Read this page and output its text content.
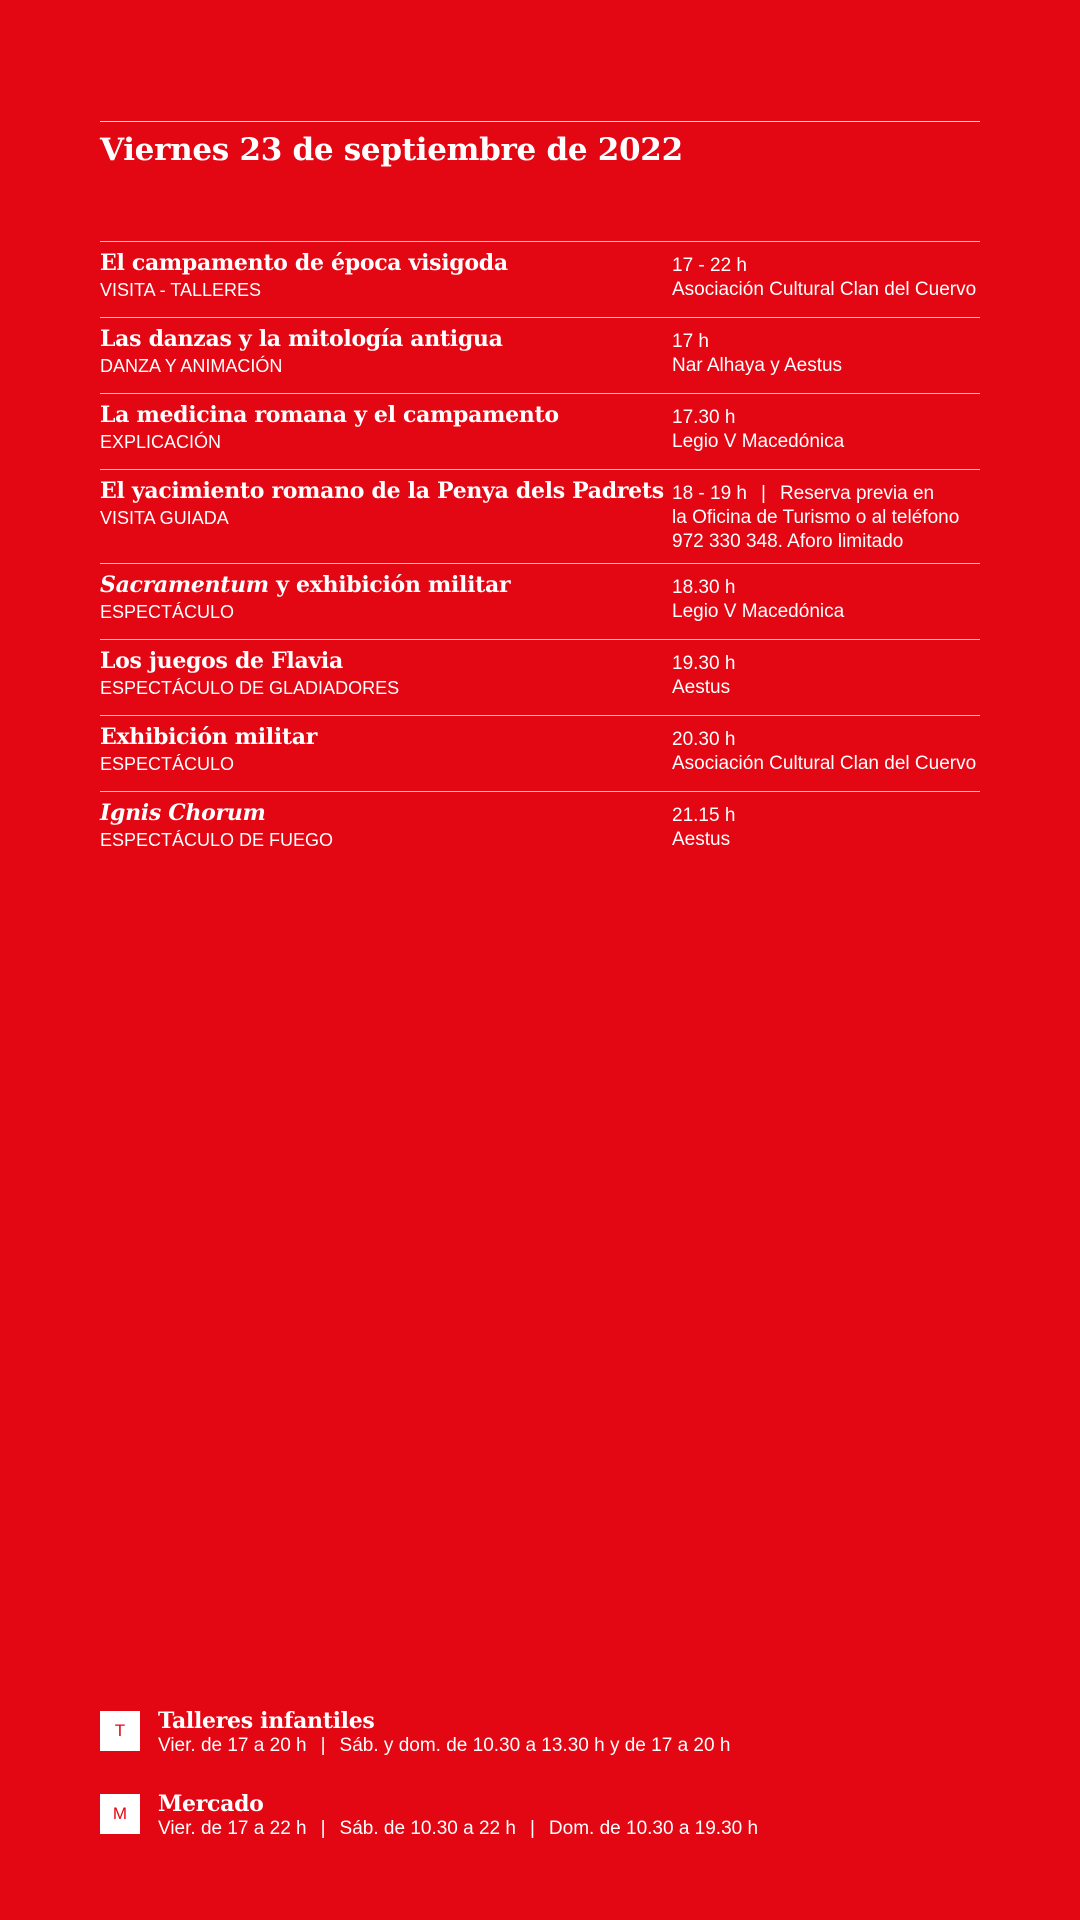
Viernes 23 de septiembre de 2022
El campamento de época visigoda
VISITA - TALLERES
17 - 22 h
Asociación Cultural Clan del Cuervo
Las danzas y la mitología antigua
DANZA Y ANIMACIÓN
17 h
Nar Alhaya y Aestus
La medicina romana y el campamento
EXPLICACIÓN
17.30 h
Legio V Macedónica
El yacimiento romano de la Penya dels Padrets
VISITA GUIADA
18 - 19 h | Reserva previa en
la Oficina de Turismo o al teléfono
972 330 348. Aforo limitado
Sacramentum y exhibición militar
ESPECTÁCULO
18.30 h
Legio V Macedónica
Los juegos de Flavia
ESPECTÁCULO DE GLADIADORES
19.30 h
Aestus
Exhibición militar
ESPECTÁCULO
20.30 h
Asociación Cultural Clan del Cuervo
Ignis Chorum
ESPECTÁCULO DE FUEGO
21.15 h
Aestus
T	Talleres infantiles
Vier. de 17 a 20 h | Sáb. y dom. de 10.30 a 13.30 h y de 17 a 20 h
M	Mercado
Vier. de 17 a 22 h | Sáb. de 10.30 a 22 h | Dom. de 10.30 a 19.30 h
